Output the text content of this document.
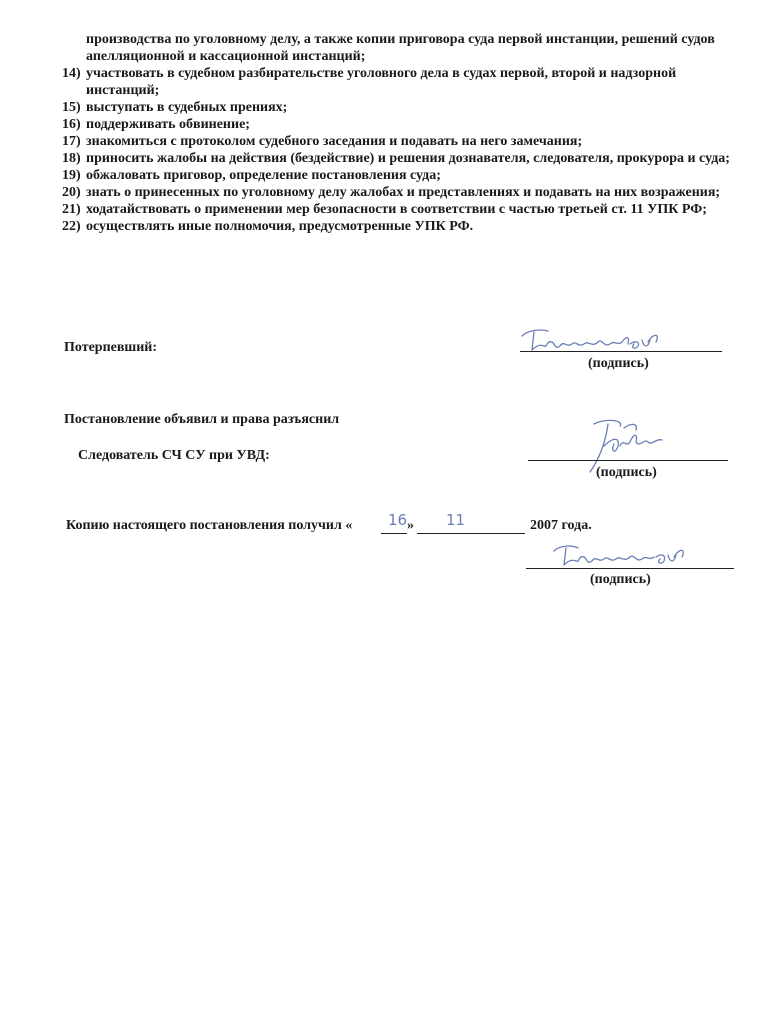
производства по уголовному делу, а также копии приговора суда первой инстанции, решений судов апелляционной и кассационной инстанций;
14) участвовать в судебном разбирательстве уголовного дела в судах первой, второй и надзорной инстанций;
15) выступать в судебных прениях;
16) поддерживать обвинение;
17) знакомиться с протоколом судебного заседания и подавать на него замечания;
18) приносить жалобы на действия (бездействие) и решения дознавателя, следователя, прокурора и суда;
19) обжаловать приговор, определение постановления суда;
20) знать о принесенных по уголовному делу жалобах и представлениях и подавать на них возражения;
21) ходатайствовать о применении мер безопасности в соответствии с частью третьей ст. 11 УПК РФ;
22) осуществлять иные полномочия, предусмотренные УПК РФ.
Потерпевший:
(подпись)
Постановление объявил и права разъяснил
Следователь СЧ СУ при УВД:
(подпись)
Копию настоящего постановления получил « 16 » 11	2007 года.
(подпись)
